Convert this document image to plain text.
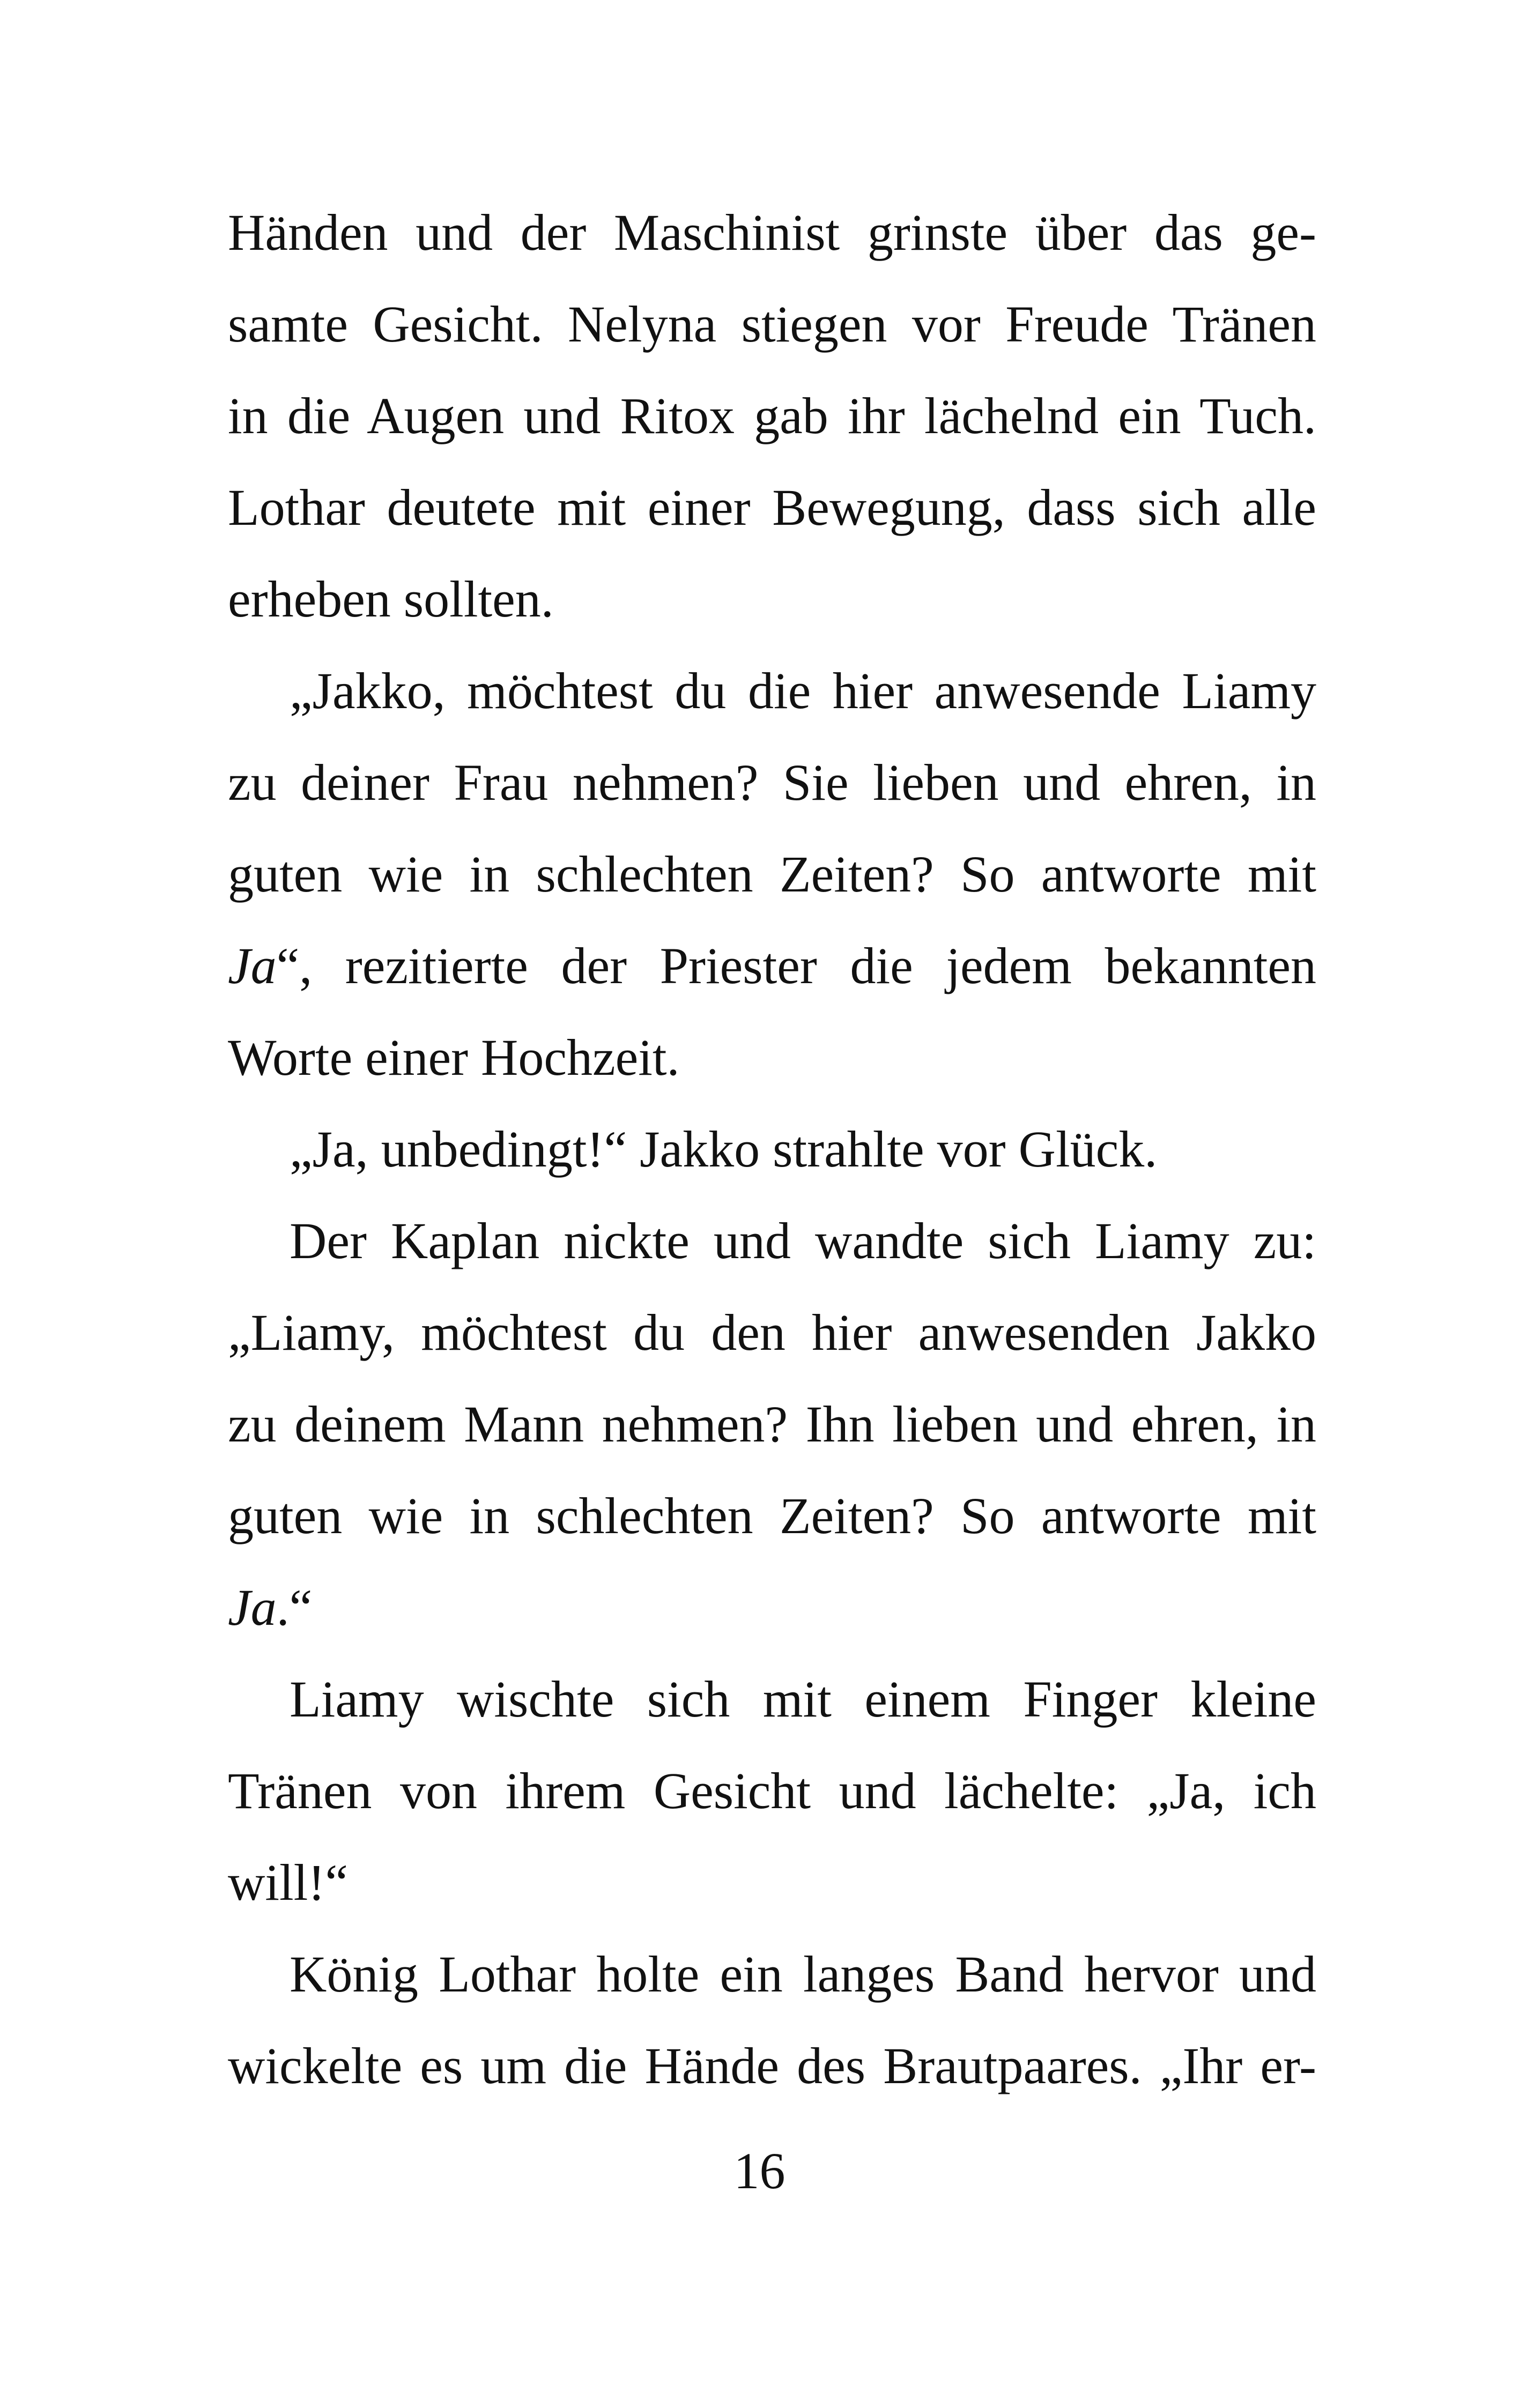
Händen und der Maschinist grinste über das ge-
samte Gesicht. Nelyna stiegen vor Freude Tränen
in die Augen und Ritox gab ihr lächelnd ein Tuch.
Lothar deutete mit einer Bewegung, dass sich alle
erheben sollten.
„Jakko, möchtest du die hier anwesende Liamy
zu deiner Frau nehmen? Sie lieben und ehren, in
guten wie in schlechten Zeiten? So antworte mit
Ja“, rezitierte der Priester die jedem bekannten
Worte einer Hochzeit.
„Ja, unbedingt!“ Jakko strahlte vor Glück.
Der Kaplan nickte und wandte sich Liamy zu:
„Liamy, möchtest du den hier anwesenden Jakko
zu deinem Mann nehmen? Ihn lieben und ehren, in
guten wie in schlechten Zeiten? So antworte mit
Ja.“
Liamy wischte sich mit einem Finger kleine
Tränen von ihrem Gesicht und lächelte: „Ja, ich
will!“
König Lothar holte ein langes Band hervor und
wickelte es um die Hände des Brautpaares. „Ihr er-
16
